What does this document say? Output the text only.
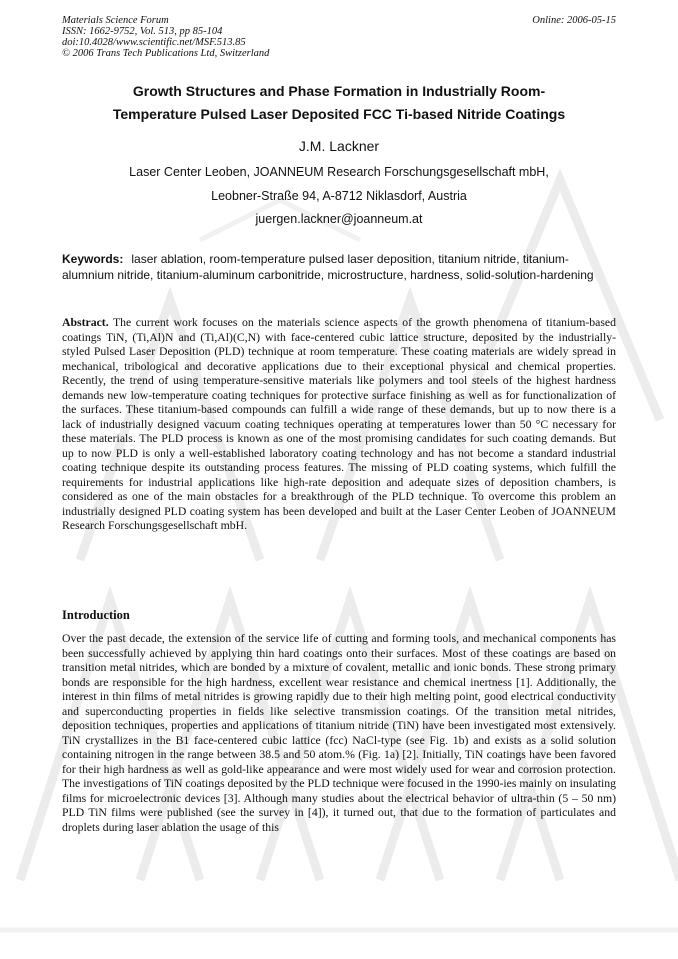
Materials Science Forum
ISSN: 1662-9752, Vol. 513, pp 85-104
doi:10.4028/www.scientific.net/MSF.513.85
© 2006 Trans Tech Publications Ltd, Switzerland
Online: 2006-05-15
Growth Structures and Phase Formation in Industrially Room-
Temperature Pulsed Laser Deposited FCC Ti-based Nitride Coatings
J.M. Lackner
Laser Center Leoben, JOANNEUM Research Forschungsgesellschaft mbH,
Leobner-Straße 94, A-8712 Niklasdorf, Austria
juergen.lackner@joanneum.at
Keywords: laser ablation, room-temperature pulsed laser deposition, titanium nitride, titanium-alumnium nitride, titanium-aluminum carbonitride, microstructure, hardness, solid-solution-hardening
Abstract. The current work focuses on the materials science aspects of the growth phenomena of titanium-based coatings TiN, (Ti,Al)N and (Ti,Al)(C,N) with face-centered cubic lattice structure, deposited by the industrially-styled Pulsed Laser Deposition (PLD) technique at room temperature. These coating materials are widely spread in mechanical, tribological and decorative applications due to their exceptional physical and chemical properties. Recently, the trend of using temperature-sensitive materials like polymers and tool steels of the highest hardness demands new low-temperature coating techniques for protective surface finishing as well as for functionalization of the surfaces. These titanium-based compounds can fulfill a wide range of these demands, but up to now there is a lack of industrially designed vacuum coating techniques operating at temperatures lower than 50 °C necessary for these materials. The PLD process is known as one of the most promising candidates for such coating demands. But up to now PLD is only a well-established laboratory coating technology and has not become a standard industrial coating technique despite its outstanding process features. The missing of PLD coating systems, which fulfill the requirements for industrial applications like high-rate deposition and adequate sizes of deposition chambers, is considered as one of the main obstacles for a breakthrough of the PLD technique. To overcome this problem an industrially designed PLD coating system has been developed and built at the Laser Center Leoben of JOANNEUM Research Forschungsgesellschaft mbH.
Introduction
Over the past decade, the extension of the service life of cutting and forming tools, and mechanical components has been successfully achieved by applying thin hard coatings onto their surfaces. Most of these coatings are based on transition metal nitrides, which are bonded by a mixture of covalent, metallic and ionic bonds. These strong primary bonds are responsible for the high hardness, excellent wear resistance and chemical inertness [1]. Additionally, the interest in thin films of metal nitrides is growing rapidly due to their high melting point, good electrical conductivity and superconducting properties in fields like selective transmission coatings. Of the transition metal nitrides, deposition techniques, properties and applications of titanium nitride (TiN) have been investigated most extensively. TiN crystallizes in the B1 face-centered cubic lattice (fcc) NaCl-type (see Fig. 1b) and exists as a solid solution containing nitrogen in the range between 38.5 and 50 atom.% (Fig. 1a) [2]. Initially, TiN coatings have been favored for their high hardness as well as gold-like appearance and were most widely used for wear and corrosion protection. The investigations of TiN coatings deposited by the PLD technique were focused in the 1990-ies mainly on insulating films for microelectronic devices [3]. Although many studies about the electrical behavior of ultra-thin (5 – 50 nm) PLD TiN films were published (see the survey in [4]), it turned out, that due to the formation of particulates and droplets during laser ablation the usage of this
